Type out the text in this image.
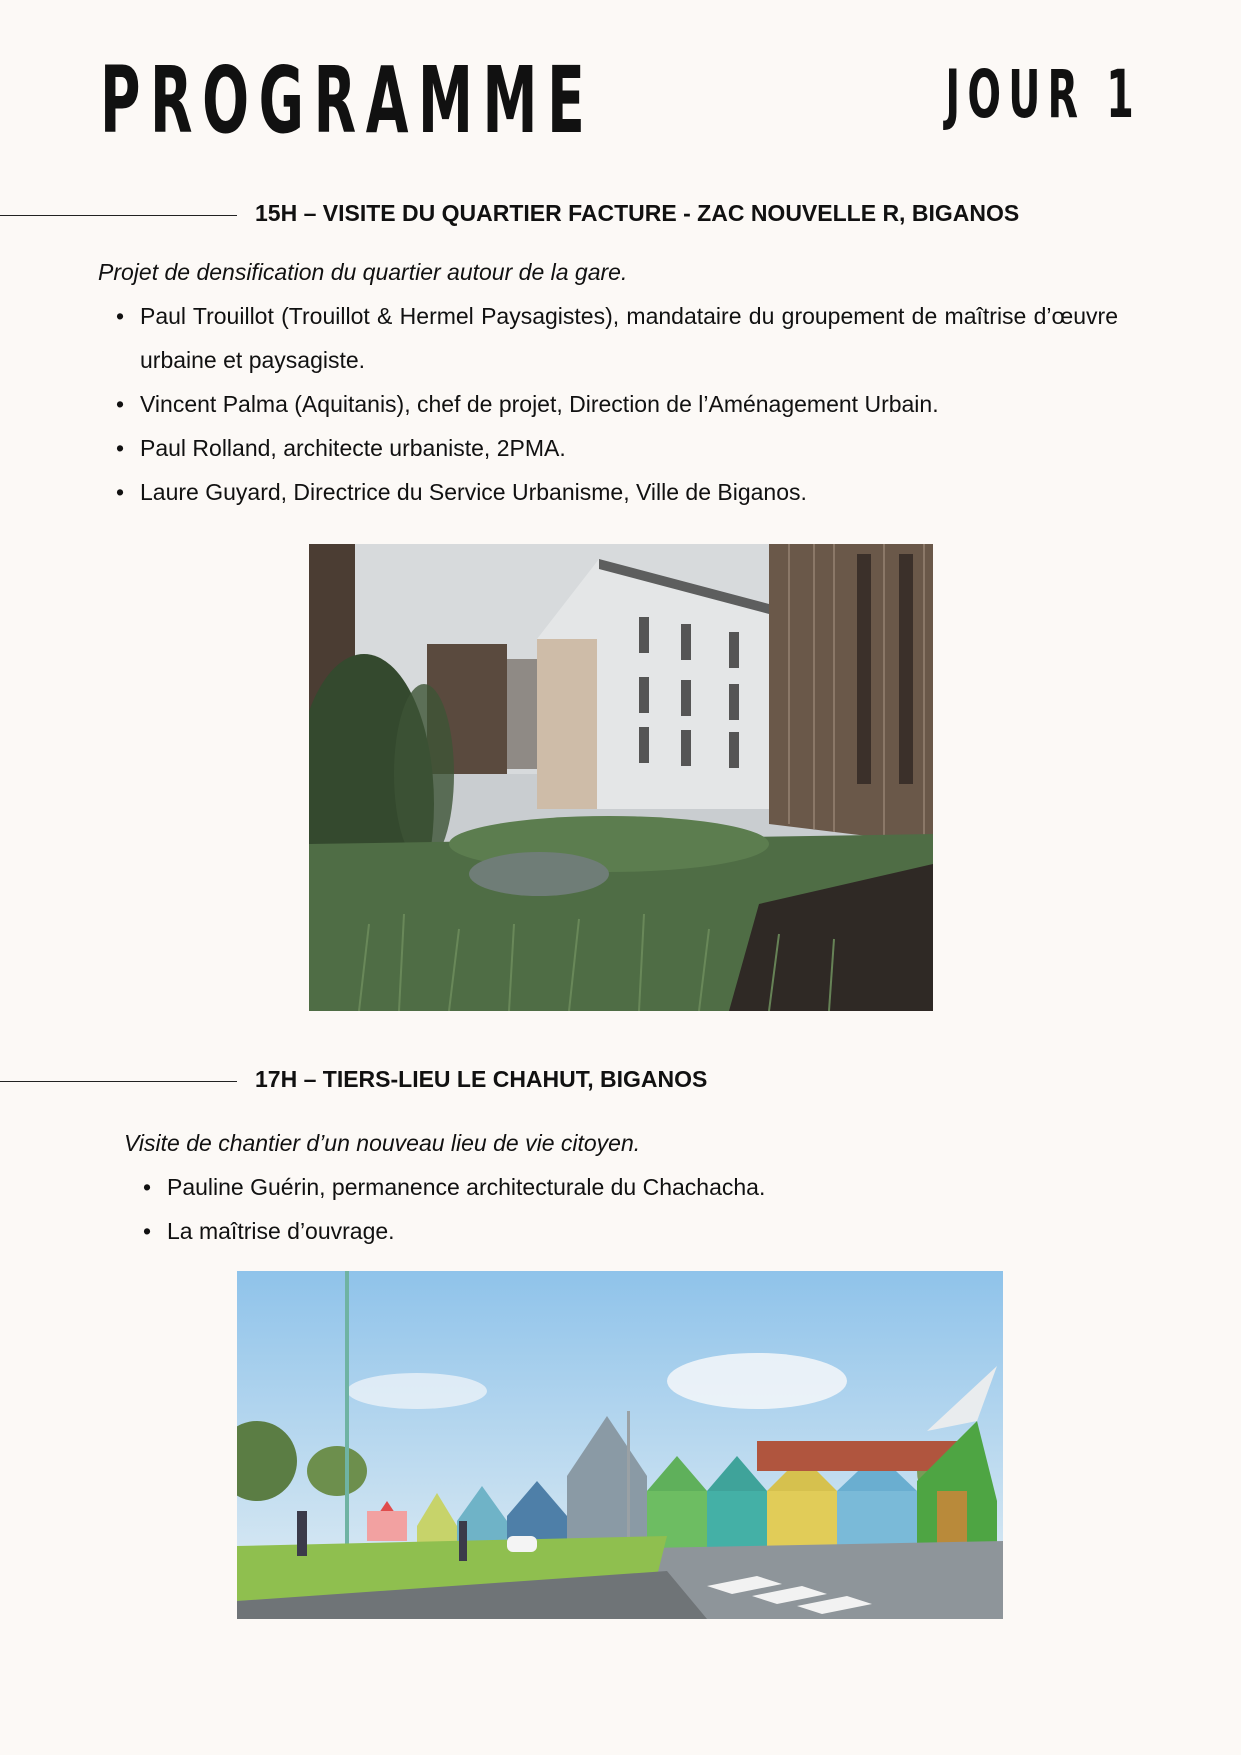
PROGRAMME	JOUR 1
15H – VISITE DU QUARTIER FACTURE - ZAC NOUVELLE R, BIGANOS
Projet de densification du quartier autour de la gare.
• Paul Trouillot (Trouillot & Hermel Paysagistes), mandataire du groupement de maîtrise d’œuvre urbaine et paysagiste.
• Vincent Palma (Aquitanis), chef de projet, Direction de l’Aménagement Urbain.
• Paul Rolland, architecte urbaniste, 2PMA.
• Laure Guyard, Directrice du Service Urbanisme, Ville de Biganos.
17H – TIERS-LIEU LE CHAHUT, BIGANOS
Visite de chantier d’un nouveau lieu de vie citoyen.
• Pauline Guérin, permanence architecturale du Chachacha.
• La maîtrise d’ouvrage.
